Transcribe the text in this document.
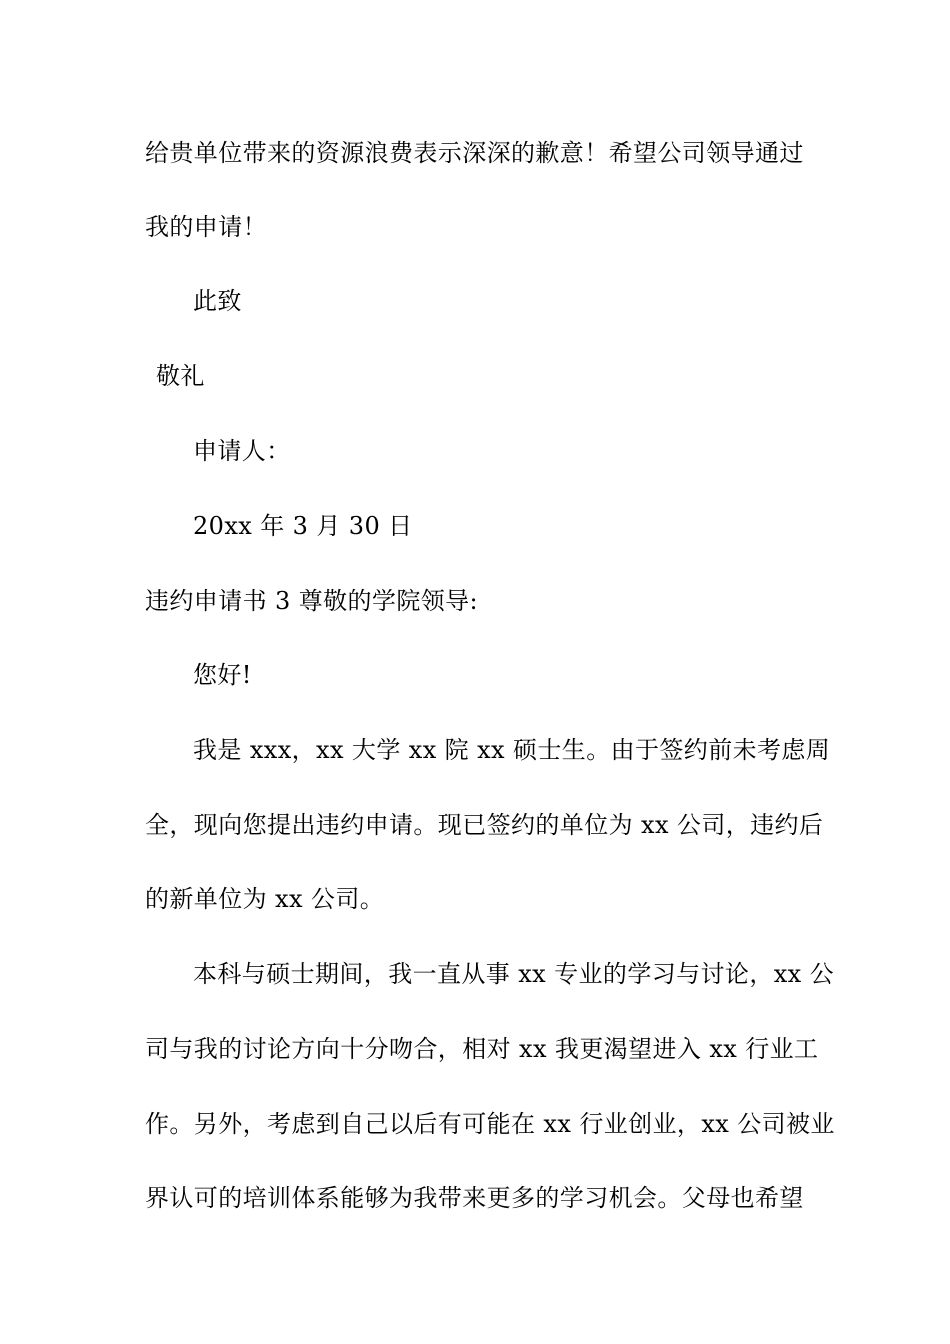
给贵单位带来的资源浪费表示深深的歉意！希望公司领导通过
我的申请！
此致
敬礼
申请人：
20xx 年 3 月 30 日
违约申请书 3 尊敬的学院领导:
您好!
我是 xxx，xx 大学 xx 院 xx 硕士生。由于签约前未考虑周
全，现向您提出违约申请。现已签约的单位为 xx 公司，违约后
的新单位为 xx 公司。
本科与硕士期间，我一直从事 xx 专业的学习与讨论，xx 公
司与我的讨论方向十分吻合，相对 xx 我更渴望进入 xx 行业工
作。另外，考虑到自己以后有可能在 xx 行业创业，xx 公司被业
界认可的培训体系能够为我带来更多的学习机会。父母也希望
